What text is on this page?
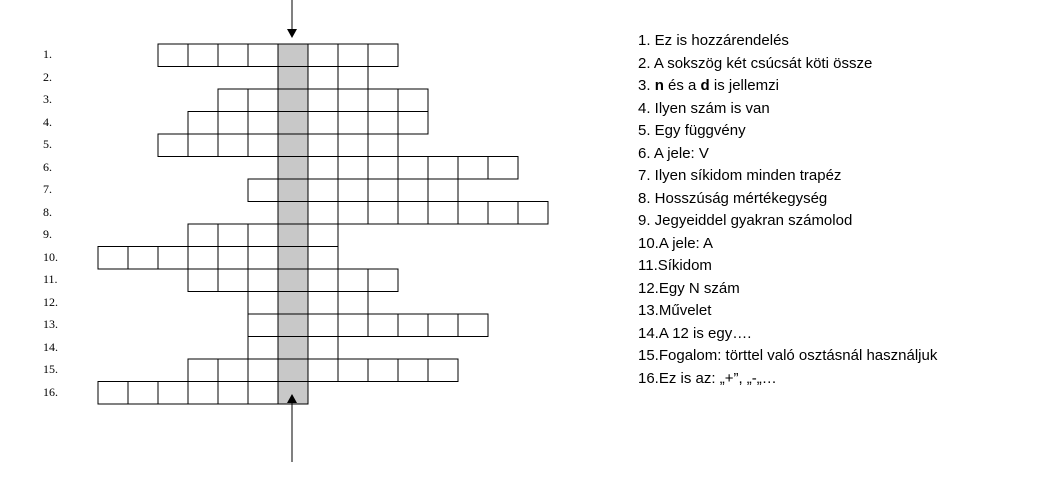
1.
2.
3.
4.
5.
6.
7.
8.
9.
10.
11.
12.
13.
14.
15.
16.
1. Ez is hozzárendelés
2. A sokszög két csúcsát köti össze
3. n és a d is jellemzi
4. Ilyen szám is van
5. Egy függvény
6. A jele: V
7. Ilyen síkidom minden trapéz
8. Hosszúság mértékegység
9. Jegyeiddel gyakran számolod
10.A jele: A
11.Síkidom
12.Egy N szám
13.Művelet
14.A 12 is egy….
15.Fogalom: törttel való osztásnál használjuk
16.Ez is az: „+”, „-„…
